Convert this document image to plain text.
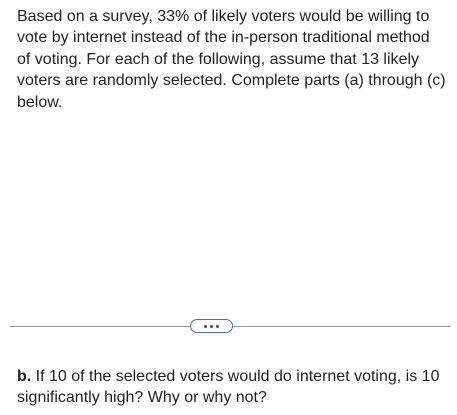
Based on a survey, 33% of likely voters would be willing to vote by internet instead of the in-person traditional method of voting. For each of the following, assume that 13 likely voters are randomly selected. Complete parts (a) through (c) below.

b. If 10 of the selected voters would do internet voting, is 10 significantly high? Why or why not?
